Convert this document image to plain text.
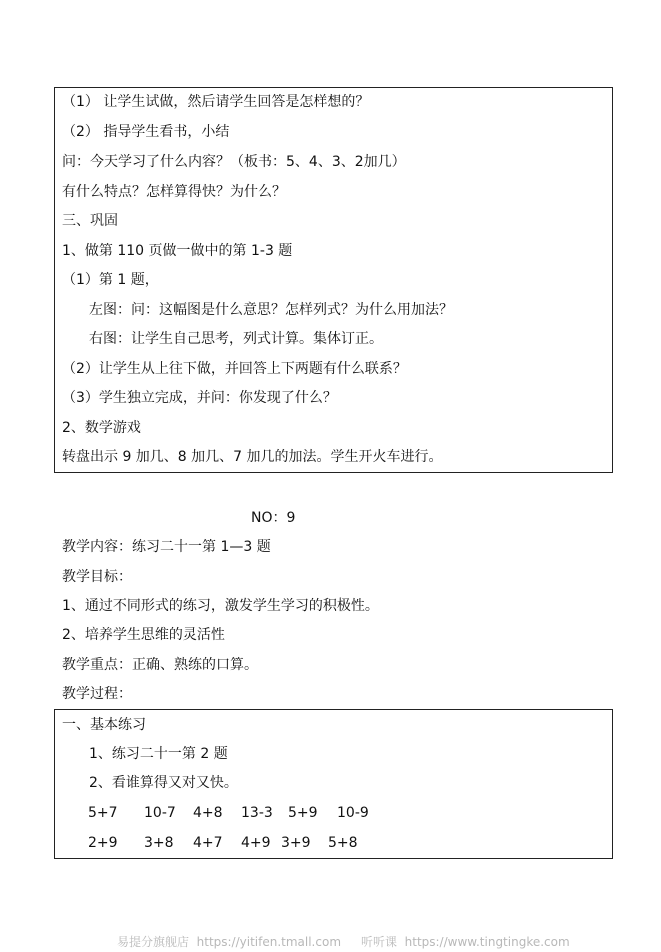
（1） 让学生试做，然后请学生回答是怎样想的？
（2） 指导学生看书，小结
问：今天学习了什么内容？（板书：5、4、3、2加几）
有什么特点？怎样算得快？为什么？
三、巩固
1、做第 110 页做一做中的第 1-3 题
（1）第 1 题，
左图：问：这幅图是什么意思？怎样列式？为什么用加法？
右图：让学生自己思考，列式计算。集体订正。
（2）让学生从上往下做，并回答上下两题有什么联系？
（3）学生独立完成，并问：你发现了什么？
2、数学游戏
转盘出示 9 加几、8 加几、7 加几的加法。学生开火车进行。
NO：9
教学内容：练习二十一第 1—3 题
教学目标：
1、通过不同形式的练习，激发学生学习的积极性。
2、培养学生思维的灵活性
教学重点：正确、熟练的口算。
教学过程：
一、基本练习
1、练习二十一第 2 题
2、看谁算得又对又快。
5+7 10-7 4+8 13-3 5+9 10-9
2+9 3+8 4+7 4+9 3+9 5+8
易提分旗舰店  https://yitifen.tmall.com 听听课  https://www.tingtingke.com
